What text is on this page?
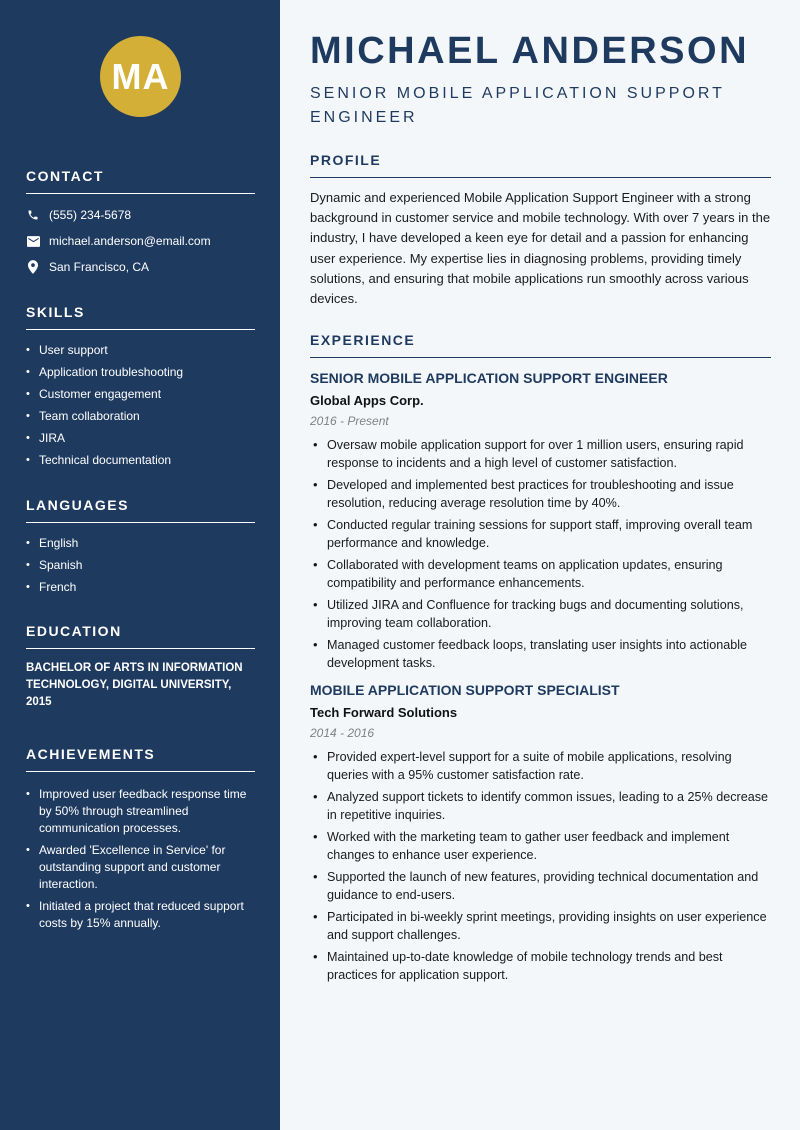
MA
CONTACT
(555) 234-5678
michael.anderson@email.com
San Francisco, CA
SKILLS
• User support
• Application troubleshooting
• Customer engagement
• Team collaboration
• JIRA
• Technical documentation
LANGUAGES
• English
• Spanish
• French
EDUCATION

BACHELOR OF ARTS IN INFORMATION TECHNOLOGY, DIGITAL UNIVERSITY, 2015

ACHIEVEMENTS
• Improved user feedback response time by 50% through streamlined communication processes.
• Awarded 'Excellence in Service' for outstanding support and customer interaction.
• Initiated a project that reduced support costs by 15% annually.
MICHAEL ANDERSON
SENIOR MOBILE APPLICATION SUPPORT ENGINEER
PROFILE

Dynamic and experienced Mobile Application Support Engineer with a strong background in customer service and mobile technology. With over 7 years in the industry, I have developed a keen eye for detail and a passion for enhancing user experience. My expertise lies in diagnosing problems, providing timely solutions, and ensuring that mobile applications run smoothly across various devices.

EXPERIENCE
SENIOR MOBILE APPLICATION SUPPORT ENGINEER
Global Apps Corp.
2016 - Present
• Oversaw mobile application support for over 1 million users, ensuring rapid response to incidents and a high level of customer satisfaction.
• Developed and implemented best practices for troubleshooting and issue resolution, reducing average resolution time by 40%.
• Conducted regular training sessions for support staff, improving overall team performance and knowledge.
• Collaborated with development teams on application updates, ensuring compatibility and performance enhancements.
• Utilized JIRA and Confluence for tracking bugs and documenting solutions, improving team collaboration.
• Managed customer feedback loops, translating user insights into actionable development tasks.
MOBILE APPLICATION SUPPORT SPECIALIST
Tech Forward Solutions
2014 - 2016
• Provided expert-level support for a suite of mobile applications, resolving queries with a 95% customer satisfaction rate.
• Analyzed support tickets to identify common issues, leading to a 25% decrease in repetitive inquiries.
• Worked with the marketing team to gather user feedback and implement changes to enhance user experience.
• Supported the launch of new features, providing technical documentation and guidance to end-users.
• Participated in bi-weekly sprint meetings, providing insights on user experience and support challenges.
• Maintained up-to-date knowledge of mobile technology trends and best practices for application support.
